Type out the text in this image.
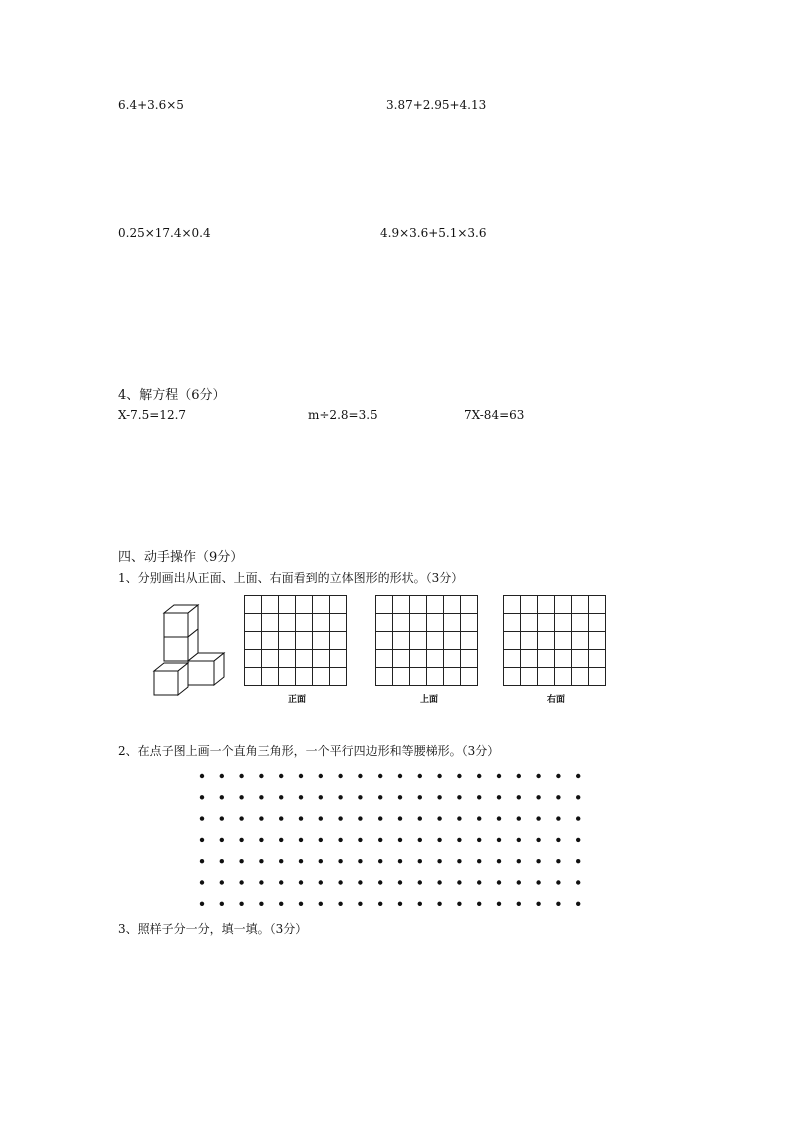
6.4+3.6×5	3.87+2.95+4.13
0.25×17.4×0.4	4.9×3.6+5.1×3.6
4、解方程（6分）
X-7.5=12.7	m÷2.8=3.5	7X-84=63
四、动手操作（9分）
1、分别画出从正面、上面、右面看到的立体图形的形状。（3分）

正面

						上面

						右面
2、在点子图上画一个直角三角形，一个平行四边形和等腰梯形。（3分）
3、照样子分一分，填一填。（3分）
